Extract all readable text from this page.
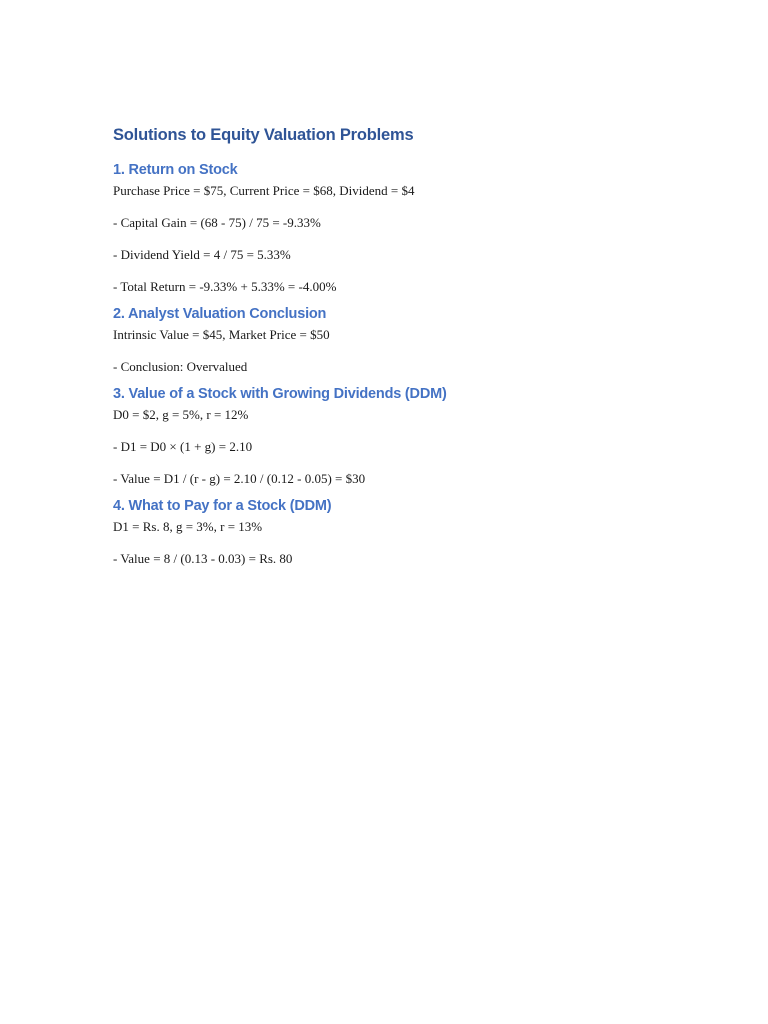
Solutions to Equity Valuation Problems
1. Return on Stock

Purchase Price = $75, Current Price = $68, Dividend = $4

- Capital Gain = (68 - 75) / 75 = -9.33%

- Dividend Yield = 4 / 75 = 5.33%

- Total Return = -9.33% + 5.33% = -4.00%

2. Analyst Valuation Conclusion

Intrinsic Value = $45, Market Price = $50

- Conclusion: Overvalued

3. Value of a Stock with Growing Dividends (DDM)

D0 = $2, g = 5%, r = 12%

- D1 = D0 × (1 + g) = 2.10

- Value = D1 / (r - g) = 2.10 / (0.12 - 0.05) = $30

4. What to Pay for a Stock (DDM)

D1 = Rs. 8, g = 3%, r = 13%

- Value = 8 / (0.13 - 0.03) = Rs. 80
